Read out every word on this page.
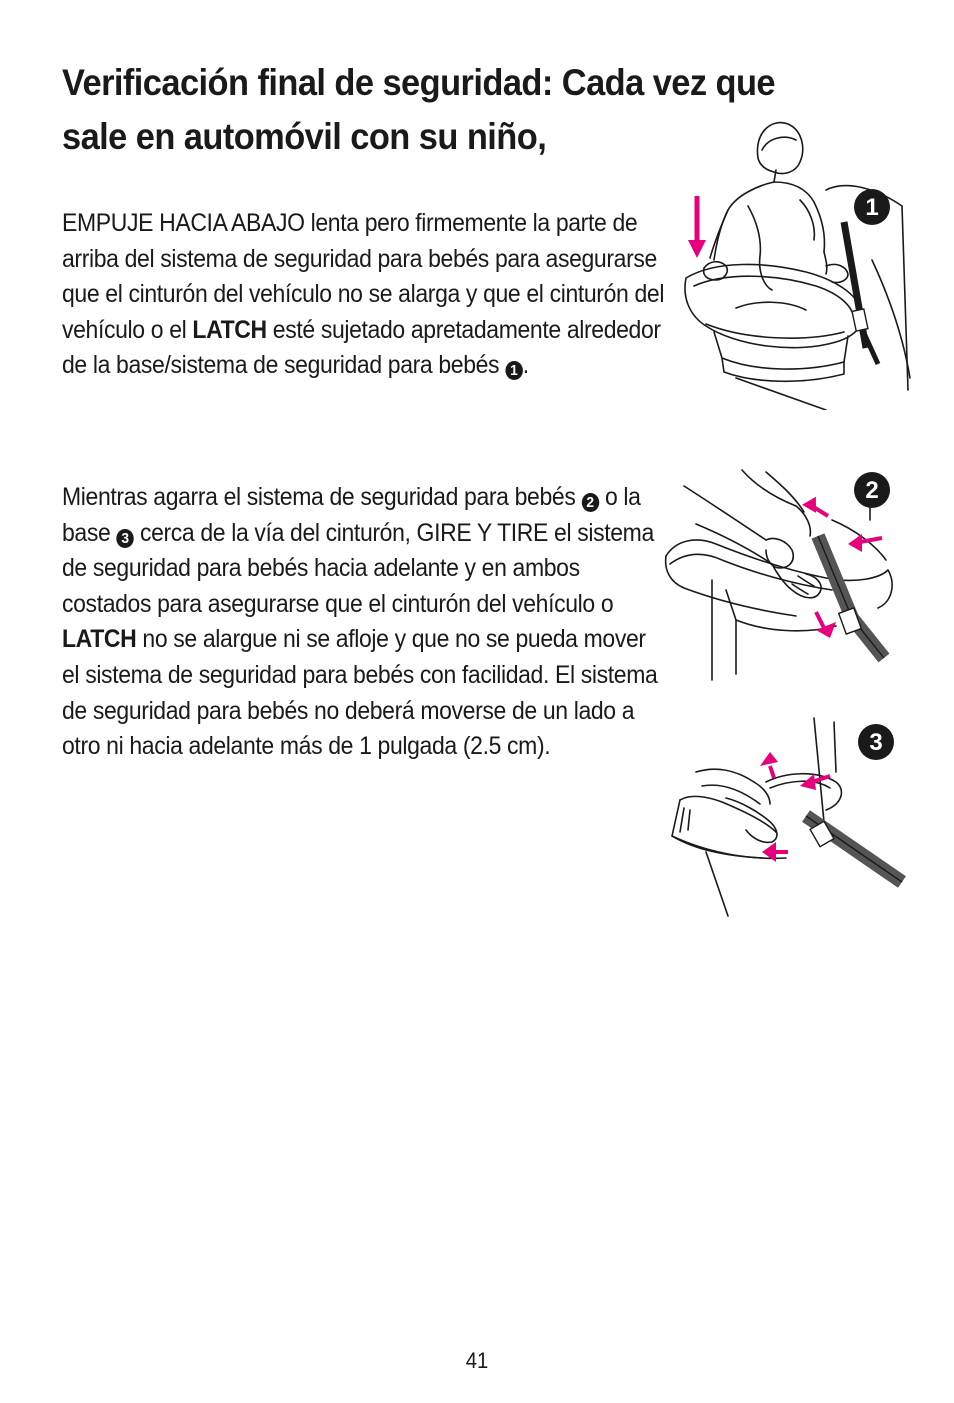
Verificación final de seguridad: Cada vez que sale en automóvil con su niño,

EMPUJE HACIA ABAJO lenta pero firmemente la parte de arriba del sistema de seguridad para bebés para asegurarse que el cinturón del vehículo no se alarga y que el cinturón del vehículo o el LATCH esté sujetado apretadamente alrededor de la base/sistema de seguridad para bebés 1 .

Mientras agarra el sistema de seguridad para bebés 2 o la base 3 cerca de la vía del cinturón, GIRE Y TIRE el sistema de seguridad para bebés hacia adelante y en ambos costados para asegurarse que el cinturón del vehículo o LATCH no se alargue ni se afloje y que no se pueda mover el sistema de seguridad para bebés con facilidad. El sistema de seguridad para bebés no deberá moverse de un lado a otro ni hacia adelante más de 1 pulgada (2.5 cm).

1
2
3
41
